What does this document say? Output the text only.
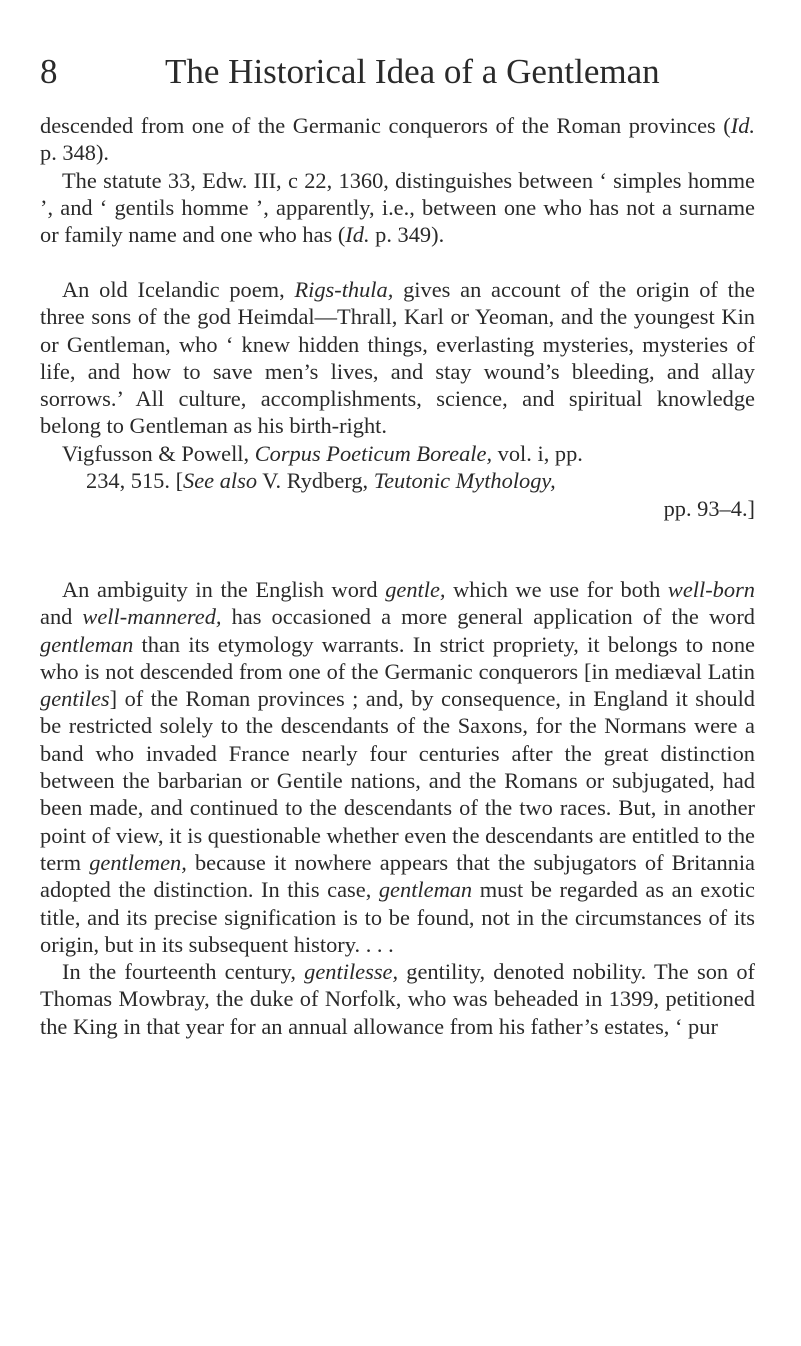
8	The Historical Idea of a Gentleman

descended from one of the Germanic conquerors of the Roman provinces (Id. p. 348).

The statute 33, Edw. III, c 22, 1360, distinguishes between ‘ simples homme ’, and ‘ gentils homme ’, apparently, i.e., between one who has not a surname or family name and one who has (Id. p. 349).

An old Icelandic poem, Rigs-thula, gives an account of the origin of the three sons of the god Heimdal—Thrall, Karl or Yeoman, and the youngest Kin or Gentleman, who ‘ knew hidden things, everlasting mysteries, mysteries of life, and how to save men’s lives, and stay wound’s bleeding, and allay sorrows.’ All culture, accomplishments, science, and spiritual knowledge belong to Gentleman as his birth-right.

Vigfusson & Powell, Corpus Poeticum Boreale, vol. i, pp.
234, 515. [See also V. Rydberg, Teutonic Mythology,
pp. 93–4.]

An ambiguity in the English word gentle, which we use for both well-born and well-mannered, has occasioned a more general application of the word gentleman than its etymology warrants. In strict propriety, it belongs to none who is not descended from one of the Germanic conquerors [in mediæval Latin gentiles] of the Roman provinces ; and, by consequence, in England it should be restricted solely to the descendants of the Saxons, for the Normans were a band who invaded France nearly four centuries after the great distinction between the barbarian or Gentile nations, and the Romans or subjugated, had been made, and continued to the descendants of the two races. But, in another point of view, it is questionable whether even the descendants are entitled to the term gentlemen, because it nowhere appears that the subjugators of Britannia adopted the distinction. In this case, gentleman must be regarded as an exotic title, and its precise signification is to be found, not in the circumstances of its origin, but in its subsequent history. . . .

In the fourteenth century, gentilesse, gentility, denoted nobility. The son of Thomas Mowbray, the duke of Norfolk, who was beheaded in 1399, petitioned the King in that year for an annual allowance from his father’s estates, ‘ pur
